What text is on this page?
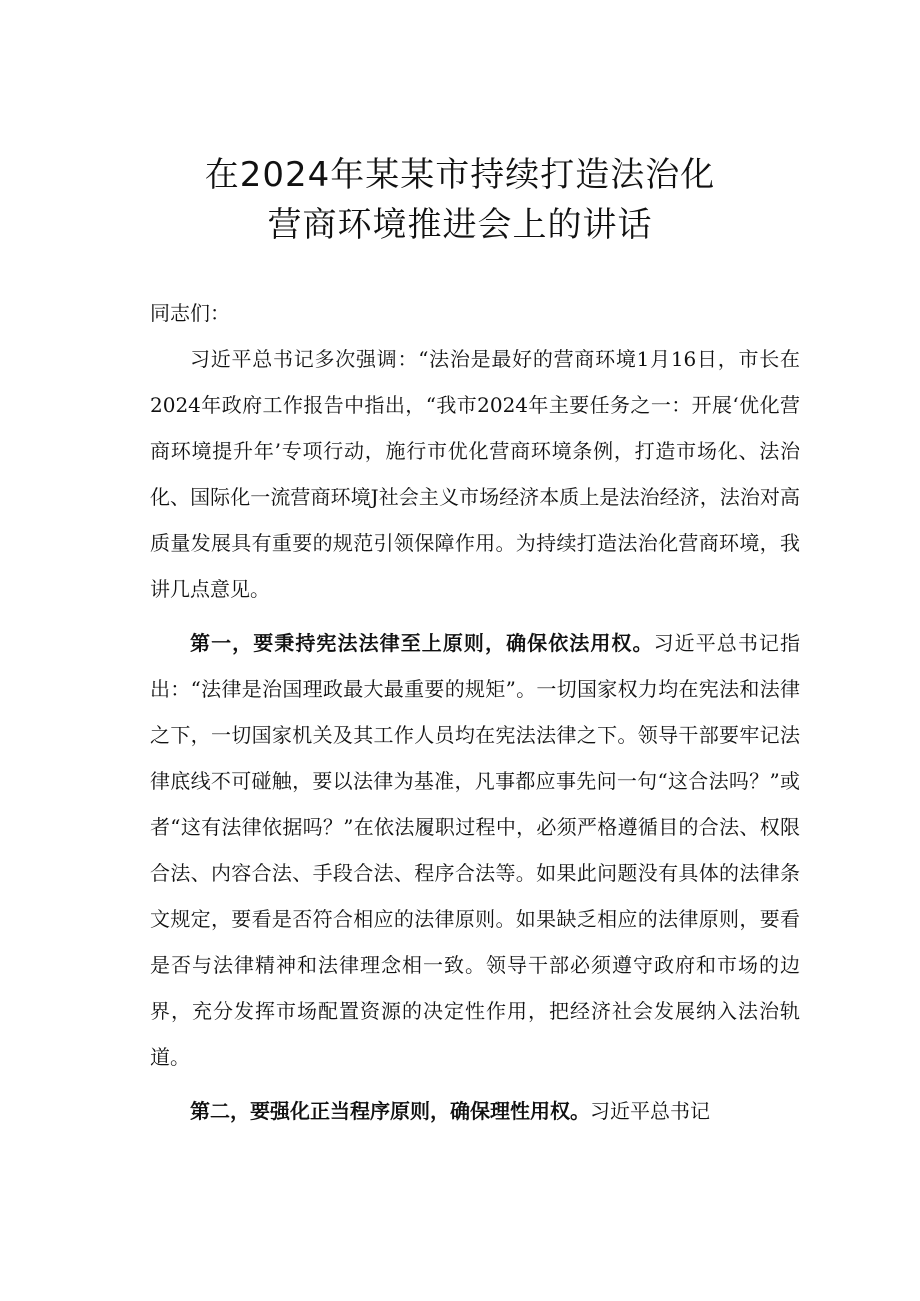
在2024年某某市持续打造法治化
营商环境推进会上的讲话

同志们：

习近平总书记多次强调：“法治是最好的营商环境1月16日，市长在2024年政府工作报告中指出，“我市2024年主要任务之一：开展‘优化营商环境提升年’专项行动，施行市优化营商环境条例，打造市场化、法治化、国际化一流营商环境J社会主义市场经济本质上是法治经济，法治对高质量发展具有重要的规范引领保障作用。为持续打造法治化营商环境，我讲几点意见。

第一，要秉持宪法法律至上原则，确保依法用权。习近平总书记指出：“法律是治国理政最大最重要的规矩”。一切国家权力均在宪法和法律之下，一切国家机关及其工作人员均在宪法法律之下。领导干部要牢记法律底线不可碰触，要以法律为基准，凡事都应事先问一句“这合法吗？”或者“这有法律依据吗？”在依法履职过程中，必须严格遵循目的合法、权限合法、内容合法、手段合法、程序合法等。如果此问题没有具体的法律条文规定，要看是否符合相应的法律原则。如果缺乏相应的法律原则，要看是否与法律精神和法律理念相一致。领导干部必须遵守政府和市场的边界，充分发挥市场配置资源的决定性作用，把经济社会发展纳入法治轨道。

第二，要强化正当程序原则，确保理性用权。习近平总书记
